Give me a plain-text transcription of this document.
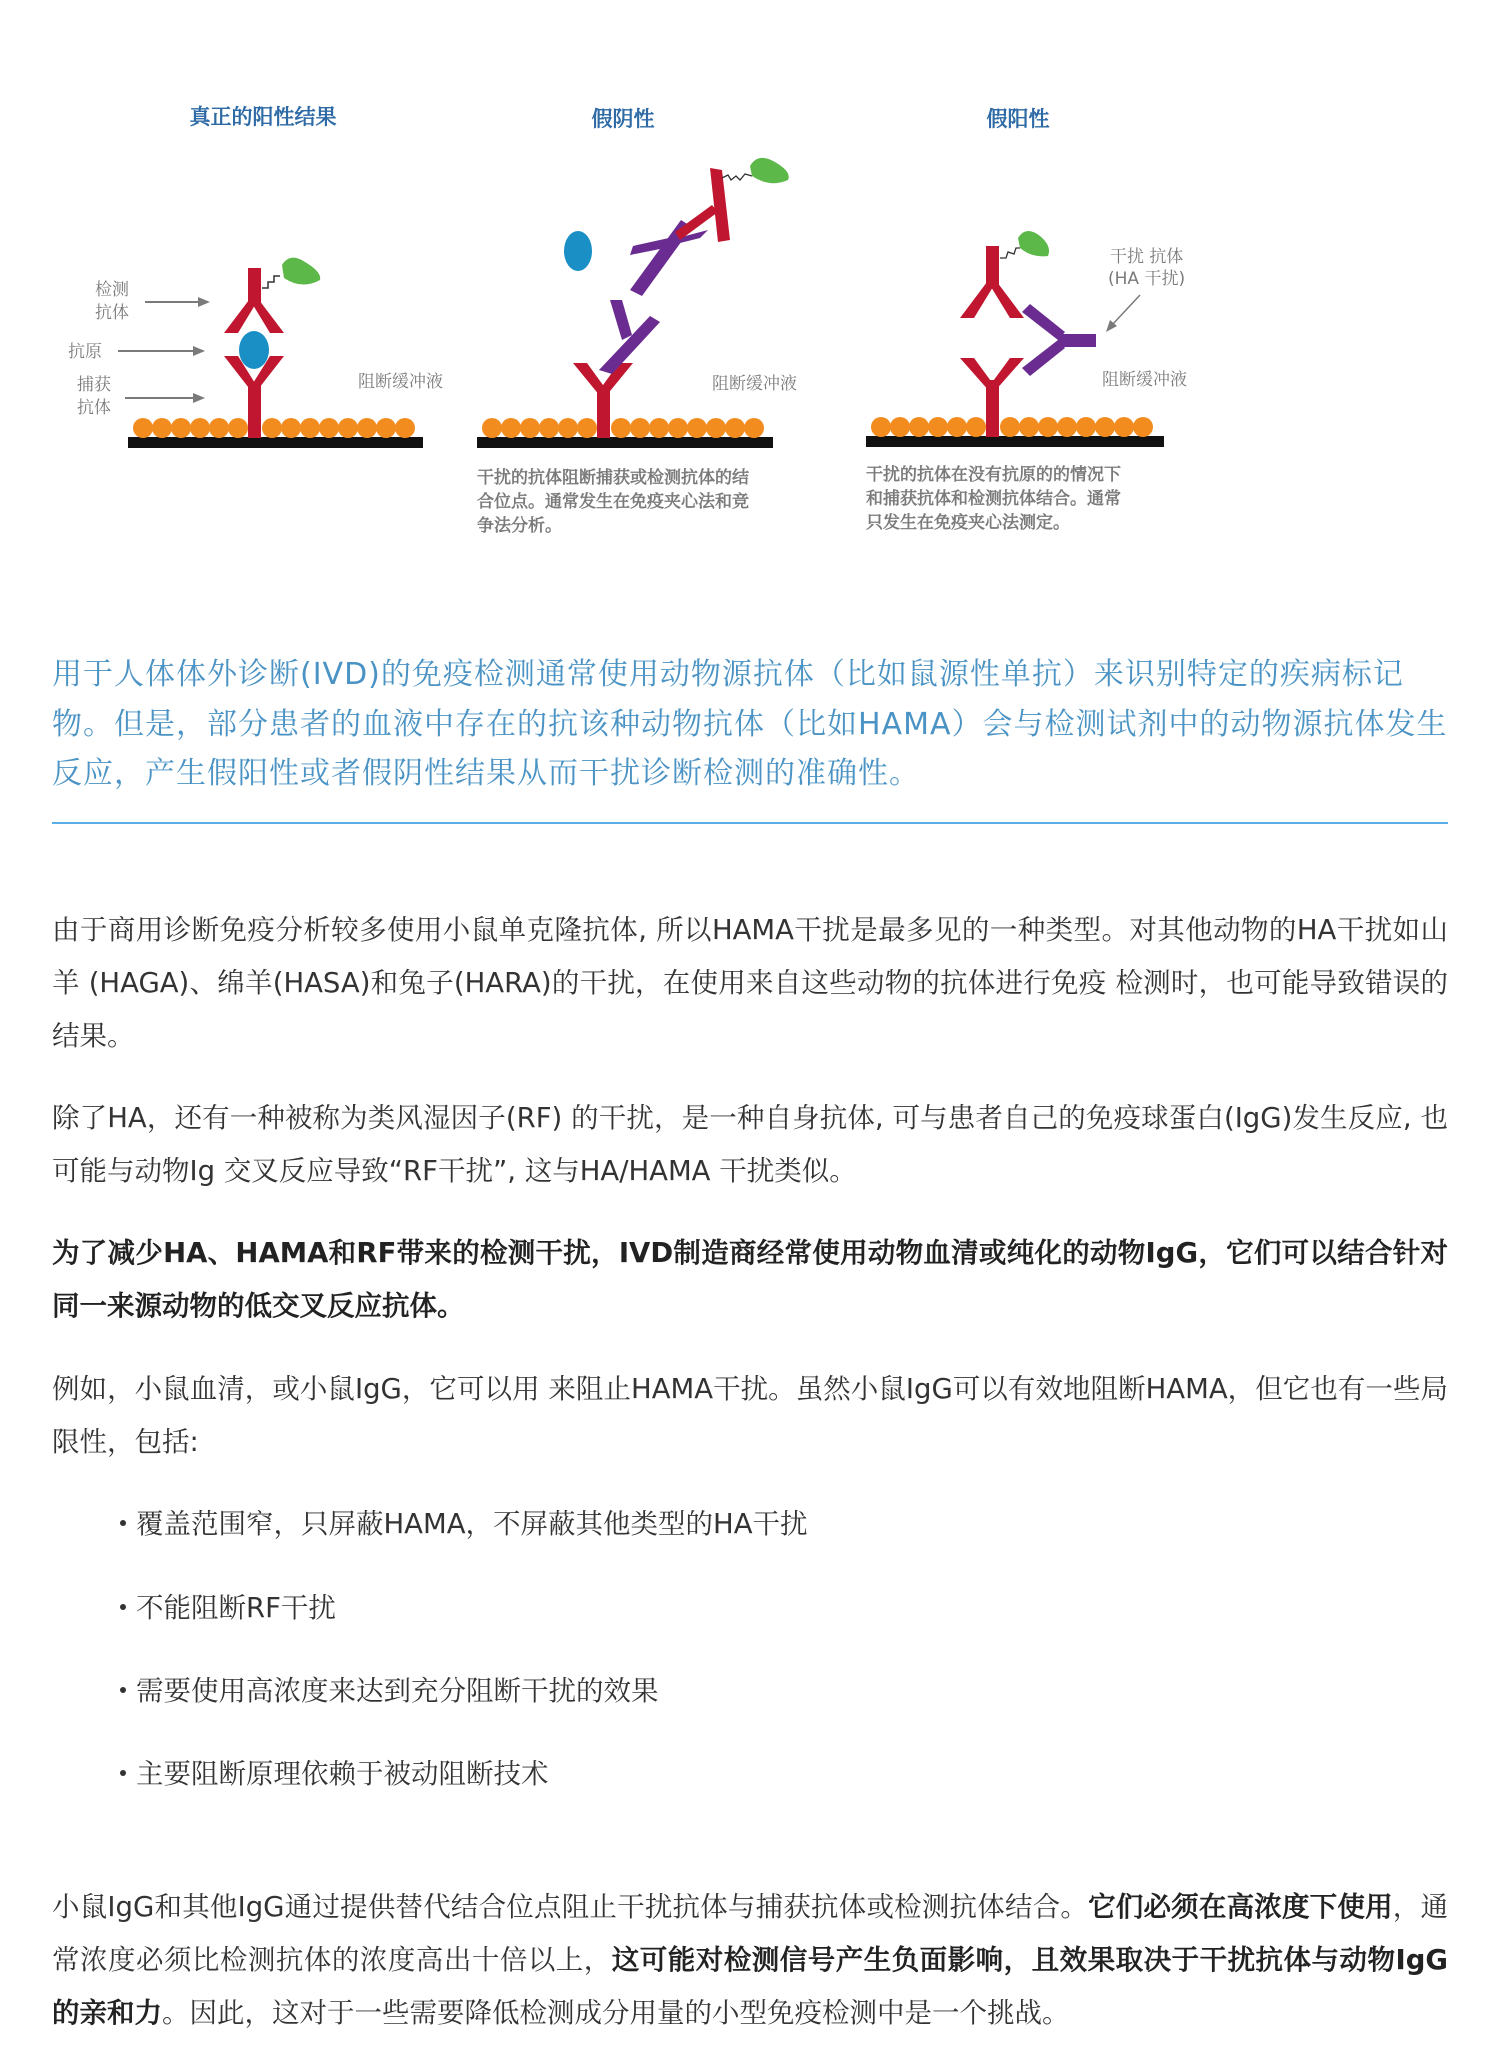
真正的阳性结果
检测
抗体
抗原
捕获
抗体
阻断缓冲液
假阴性
阻断缓冲液
干扰的抗体阻断捕获或检测抗体的结
合位点。通常发生在免疫夹心法和竞
争法分析。
假阳性
干扰 抗体
(HA 干扰)
阻断缓冲液
干扰的抗体在没有抗原的的情况下
和捕获抗体和检测抗体结合。通常
只发生在免疫夹心法测定。

用于人体体外诊断(IVD)的免疫检测通常使用动物源抗体（比如鼠源性单抗）来识别特定的疾病标记物。但是，部分患者的血液中存在的抗该种动物抗体（比如HAMA）会与检测试剂中的动物源抗体发生反应，产生假阳性或者假阴性结果从而干扰诊断检测的准确性。

由于商用诊断免疫分析较多使用小鼠单克隆抗体, 所以HAMA干扰是最多见的一种类型。对其他动物的HA干扰如山羊 (HAGA)、绵羊(HASA)和兔子(HARA)的干扰，在使用来自这些动物的抗体进行免疫 检测时，也可能导致错误的结果。

除了HA，还有一种被称为类风湿因子(RF) 的干扰，是一种自身抗体, 可与患者自己的免疫球蛋白(IgG)发生反应, 也可能与动物Ig 交叉反应导致“RF干扰”, 这与HA/HAMA 干扰类似。

为了减少HA、HAMA和RF带来的检测干扰，IVD制造商经常使用动物血清或纯化的动物IgG，它们可以结合针对同一来源动物的低交叉反应抗体。

例如，小鼠血清，或小鼠IgG，它可以用 来阻止HAMA干扰。虽然小鼠IgG可以有效地阻断HAMA，但它也有一些局限性，包括:

覆盖范围窄，只屏蔽HAMA，不屏蔽其他类型的HA干扰
不能阻断RF干扰
需要使用高浓度来达到充分阻断干扰的效果
主要阻断原理依赖于被动阻断技术

小鼠IgG和其他IgG通过提供替代结合位点阻止干扰抗体与捕获抗体或检测抗体结合。它们必须在高浓度下使用，通常浓度必须比检测抗体的浓度高出十倍以上，这可能对检测信号产生负面影响，且效果取决于干扰抗体与动物IgG的亲和力。因此，这对于一些需要降低检测成分用量的小型免疫检测中是一个挑战。
